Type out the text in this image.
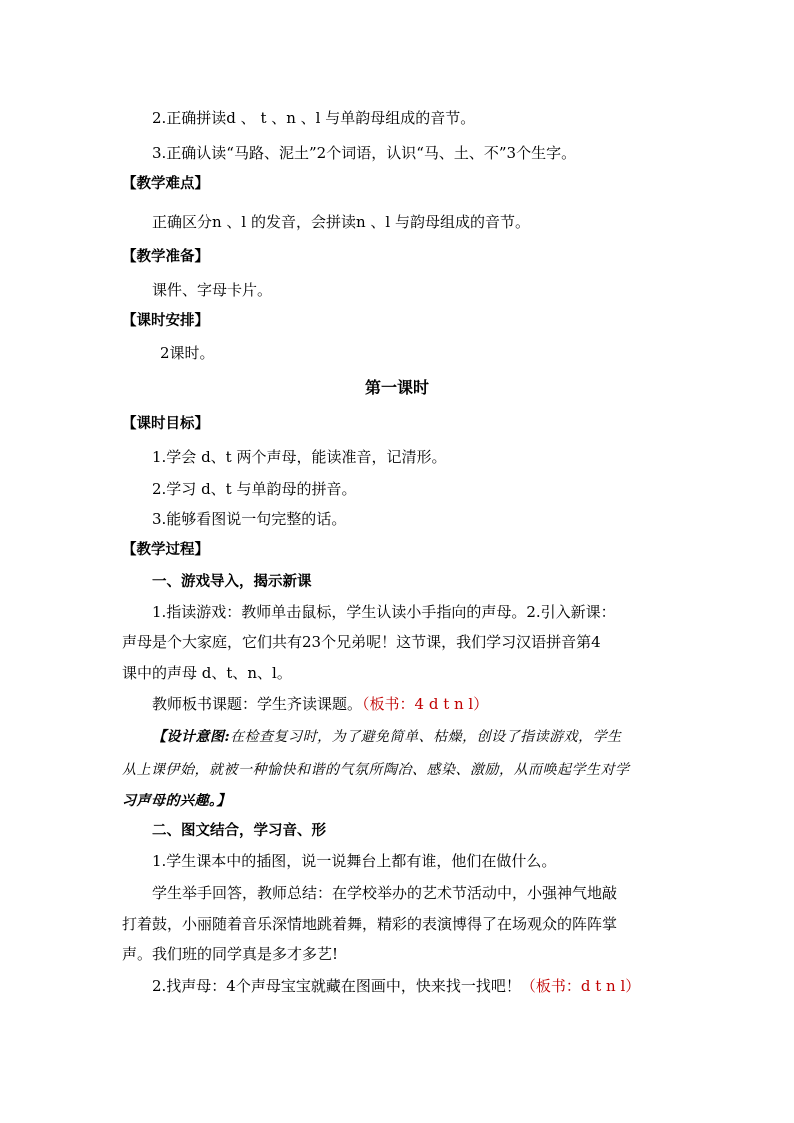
2.正确拼读d 、 t 、n 、l 与单韵母组成的音节。
3.正确认读“马路、泥土”2个词语，认识“马、土、不”3个生字。
【教学难点】
正确区分n 、l 的发音，会拼读n 、l 与韵母组成的音节。
【教学准备】
课件、字母卡片。
【课时安排】
2课时。
第一课时
【课时目标】
1.学会 d、t 两个声母，能读准音，记清形。
2.学习 d、t 与单韵母的拼音。
3.能够看图说一句完整的话。
【教学过程】
一、游戏导入，揭示新课
1.指读游戏：教师单击鼠标，学生认读小手指向的声母。2.引入新课：
声母是个大家庭，它们共有23个兄弟呢！这节课，我们学习汉语拼音第4
课中的声母 d、t、n、l。
教师板书课题：学生齐读课题。（板书：4 d t n l）
【设计意图:在检查复习时，为了避免简单、枯燥，创设了指读游戏，学生
从上课伊始，就被一种愉快和谐的气氛所陶冶、感染、激励，从而唤起学生对学
习声母的兴趣。】
二、图文结合，学习音、形
1.学生课本中的插图，说一说舞台上都有谁，他们在做什么。
学生举手回答，教师总结：在学校举办的艺术节活动中，小强神气地敲
打着鼓，小丽随着音乐深情地跳着舞，精彩的表演博得了在场观众的阵阵掌
声。我们班的同学真是多才多艺!
2.找声母：4个声母宝宝就藏在图画中，快来找一找吧！（板书：d t n l）
